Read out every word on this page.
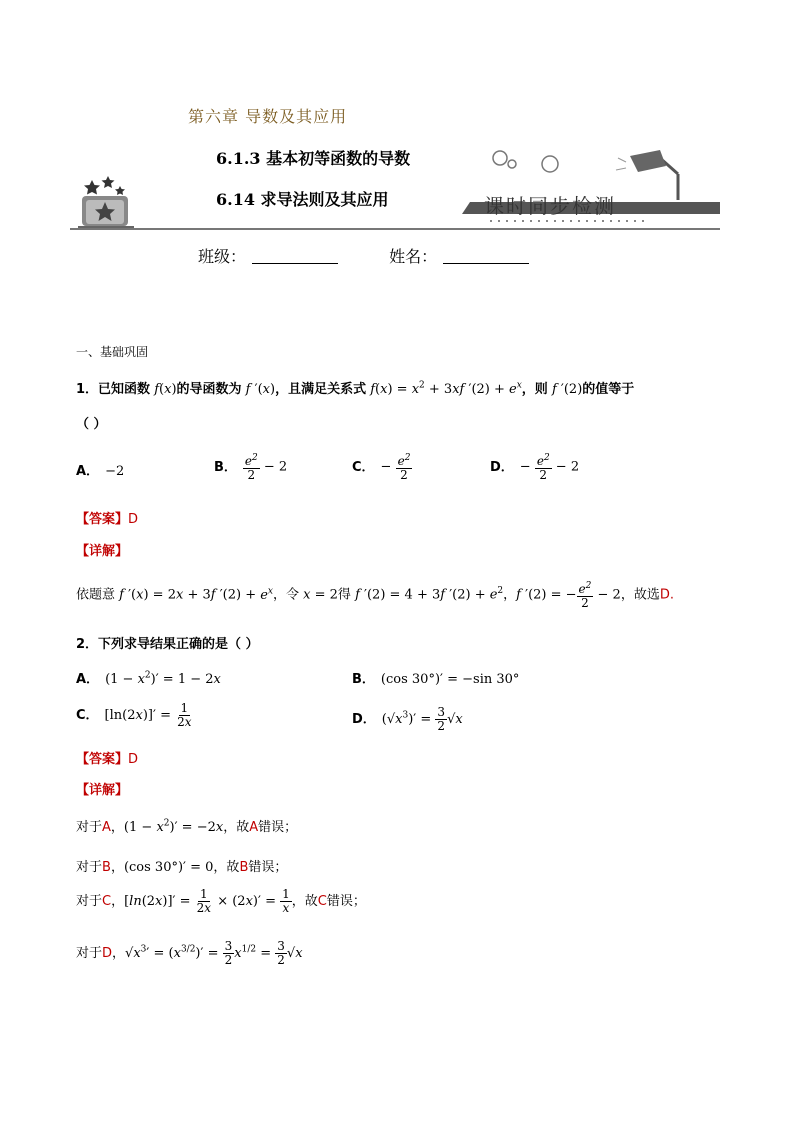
第六章 导数及其应用
6.1.3 基本初等函数的导数
6.14 求导法则及其应用	课时同步检测
班级：	姓名：
一、基础巩固
1．已知函数 f(x)的导函数为 f ′(x)，且满足关系式 $f(x) = x^2 + 3xf$ $'(2) + e^x$，则 f ′(2)的值等于
（ ）
A． −2	B． $\frac{e^2}{2} - 2$	C． − $\frac{e^2}{2}$	D． − $\frac{e^2}{2} - 2$
【答案】D
【详解】
依题意 f ′(x) = 2x + 3f $'(2) + e^x$，令 x = 2得 f ′(2) = 4 + 3f $'(2) + e^2$，f ′(2) = − $\frac{e^2}{2} - 2$，故选D.
2．下列求导结果正确的是（ ）
A． $(1 - x^2)' = 1 - 2x$	B． (cos 30°)′ = −sin 30°
C． $[\ln(2x)]' = \frac{1}{2x}$	D． $(√x^3)' = \frac{3}{2} √x$
【答案】D
【详解】
对于A，$(1 - x^2)' = -2x$，故A错误；
对于B，(cos 30°)′ = 0，故B错误；
对于C，$[\ln(2x)]' = \frac{1}{2x} \times (2x)' = \frac{1}{x}$ ，故C错误；
对于D，$√x^3' = (x^{3/2})' = \frac{3}{2} x^{1/2} = \frac{3}{2} √x$
